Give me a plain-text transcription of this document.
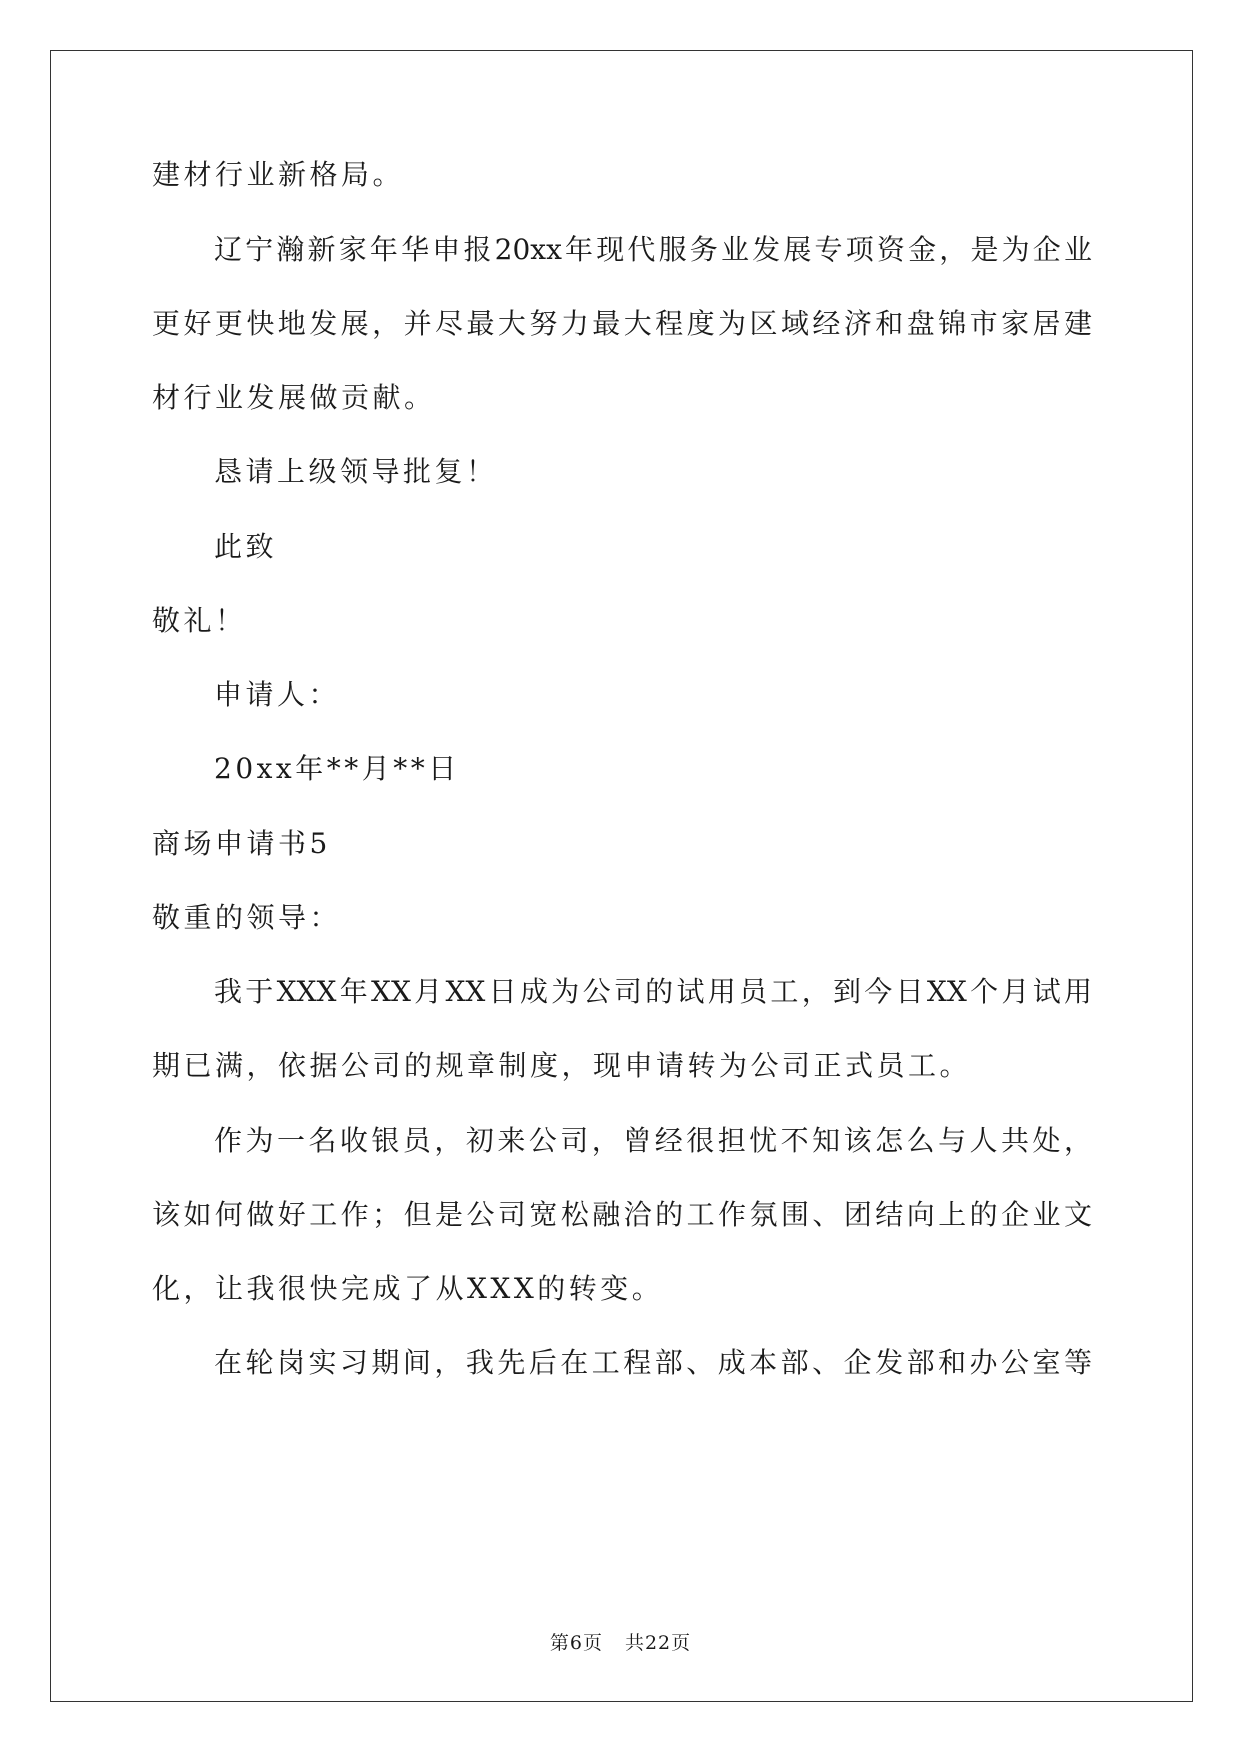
建材行业新格局。
辽宁瀚新家年华申报20xx年现代服务业发展专项资金，是为企业
更好更快地发展，并尽最大努力最大程度为区域经济和盘锦市家居建
材行业发展做贡献。
恳请上级领导批复！
此致
敬礼！
申请人：
20xx年**月**日
商场申请书5
敬重的领导：
我于XXX年XX月XX日成为公司的试用员工，到今日XX个月试用
期已满，依据公司的规章制度，现申请转为公司正式员工。
作为一名收银员，初来公司，曾经很担忧不知该怎么与人共处，
该如何做好工作；但是公司宽松融洽的工作氛围、团结向上的企业文
化，让我很快完成了从XXX的转变。
在轮岗实习期间，我先后在工程部、成本部、企发部和办公室等
第6页 共22页
